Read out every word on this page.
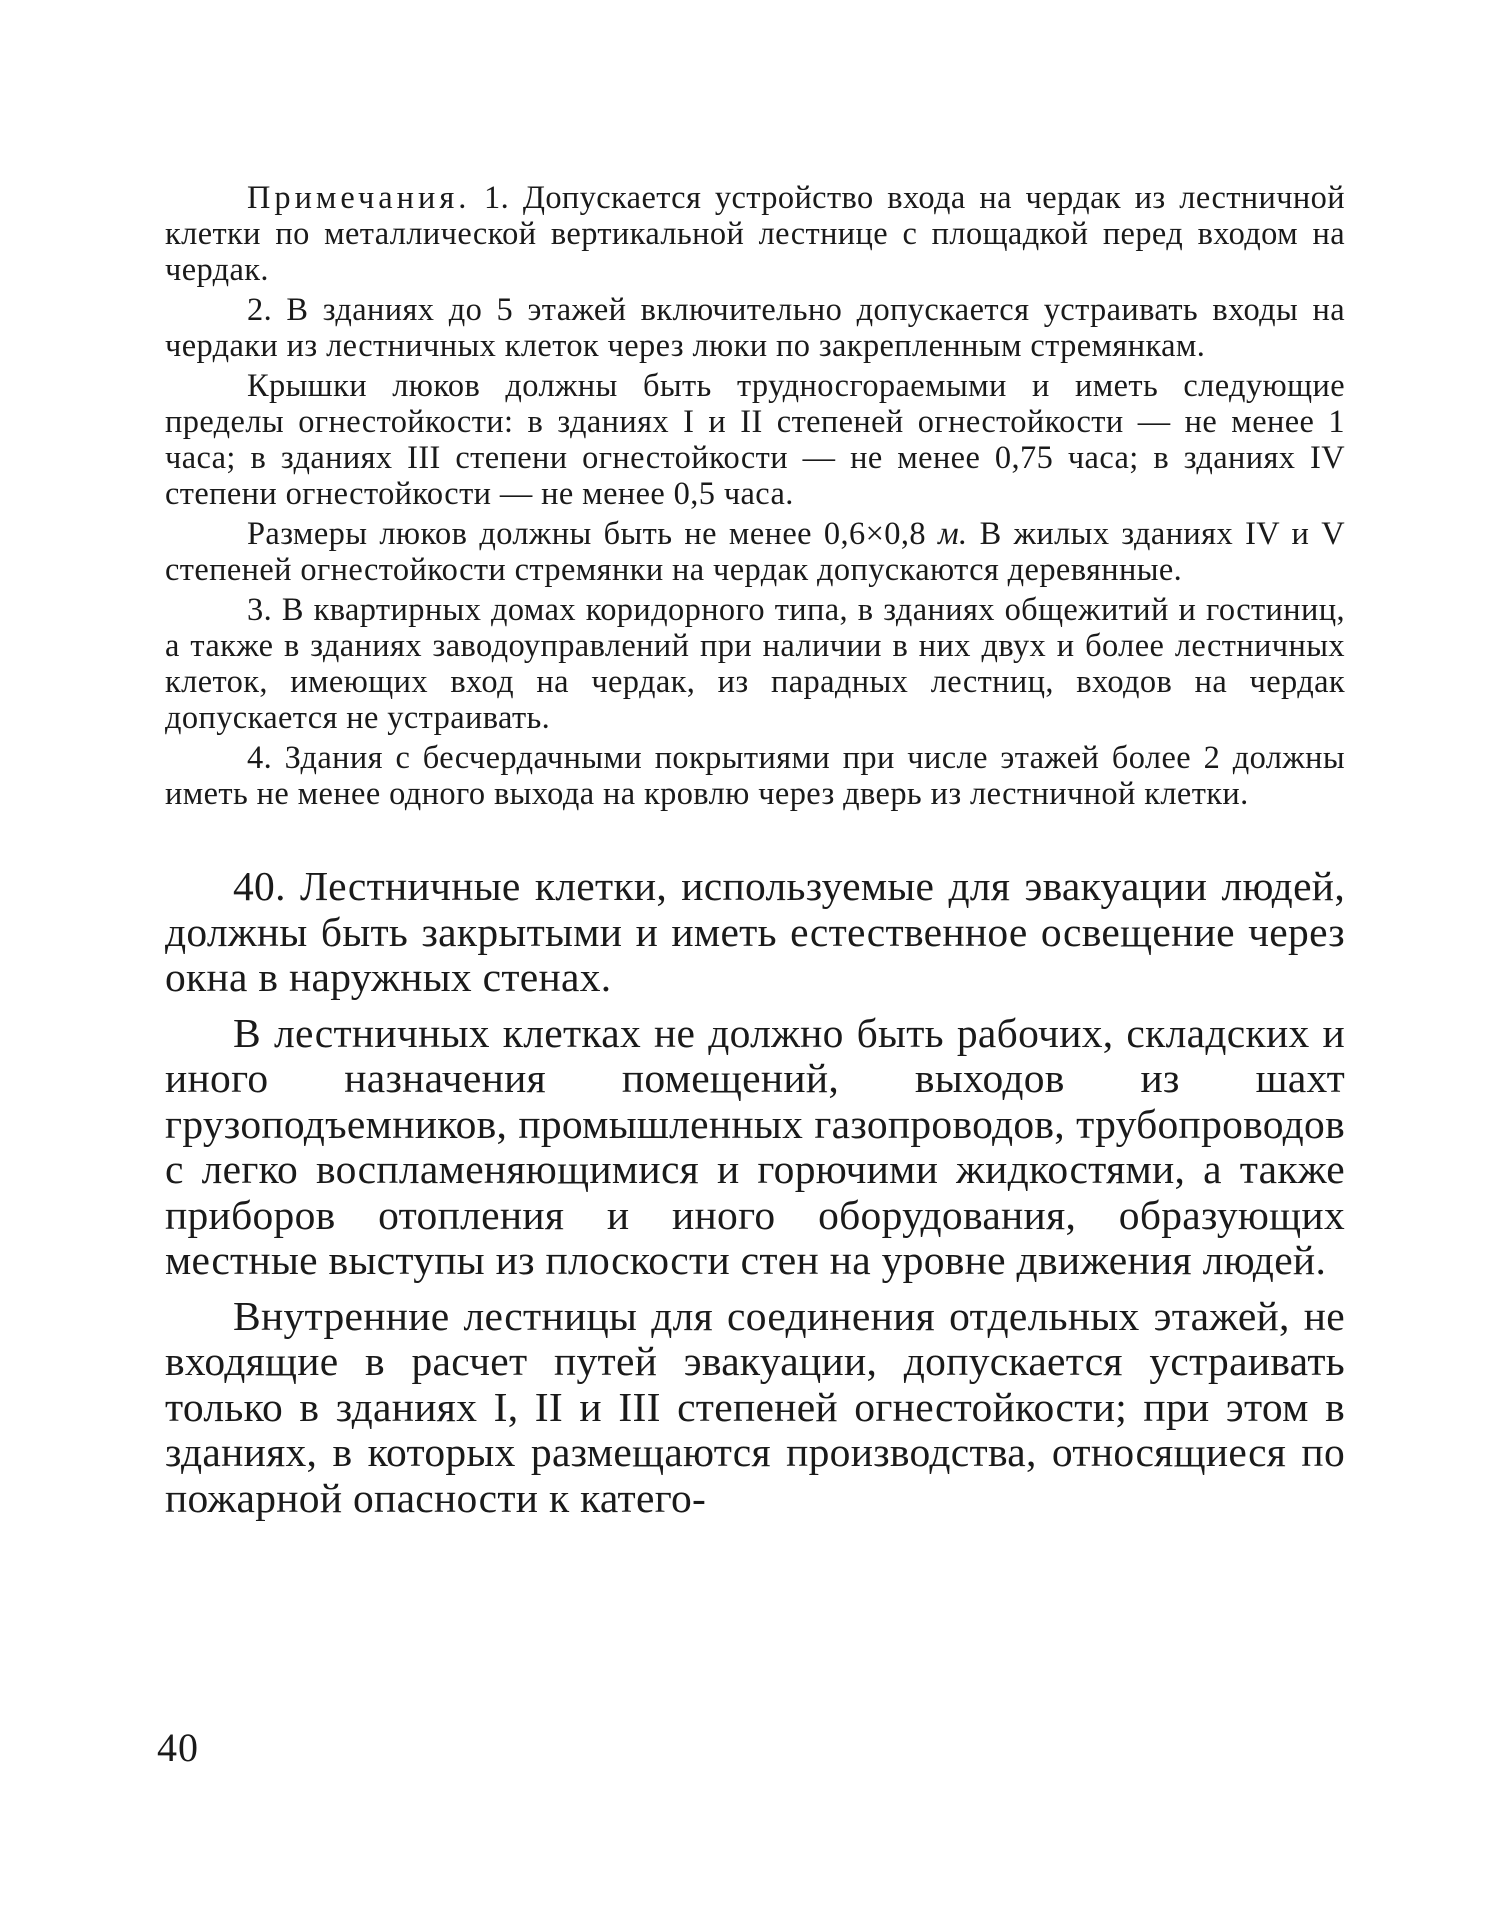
Примечания. 1. Допускается устройство входа на чердак из лестничной клетки по металлической вертикальной лестнице с площадкой перед входом на чердак.

2. В зданиях до 5 этажей включительно допускается устраивать входы на чердаки из лестничных клеток через люки по закрепленным стремянкам.

Крышки люков должны быть трудносгораемыми и иметь следующие пределы огнестойкости: в зданиях I и II степеней огнестойкости — не менее 1 часа; в зданиях III степени огнестойкости — не менее 0,75 часа; в зданиях IV степени огнестойкости — не менее 0,5 часа.

Размеры люков должны быть не менее 0,6×0,8 м. В жилых зданиях IV и V степеней огнестойкости стремянки на чердак допускаются деревянные.

3. В квартирных домах коридорного типа, в зданиях общежитий и гостиниц, а также в зданиях заводоуправлений при наличии в них двух и более лестничных клеток, имеющих вход на чердак, из парадных лестниц, входов на чердак допускается не устраивать.

4. Здания с бесчердачными покрытиями при числе этажей более 2 должны иметь не менее одного выхода на кровлю через дверь из лестничной клетки.

40. Лестничные клетки, используемые для эвакуации людей, должны быть закрытыми и иметь естественное освещение через окна в наружных стенах.

В лестничных клетках не должно быть рабочих, складских и иного назначения помещений, выходов из шахт грузоподъемников, промышленных газопроводов, трубопроводов с легко воспламеняющимися и горючими жидкостями, а также приборов отопления и иного оборудования, образующих местные выступы из плоскости стен на уровне движения людей.

Внутренние лестницы для соединения отдельных этажей, не входящие в расчет путей эвакуации, допускается устраивать только в зданиях I, II и III степеней огнестойкости; при этом в зданиях, в которых размещаются производства, относящиеся по пожарной опасности к катего-

40
